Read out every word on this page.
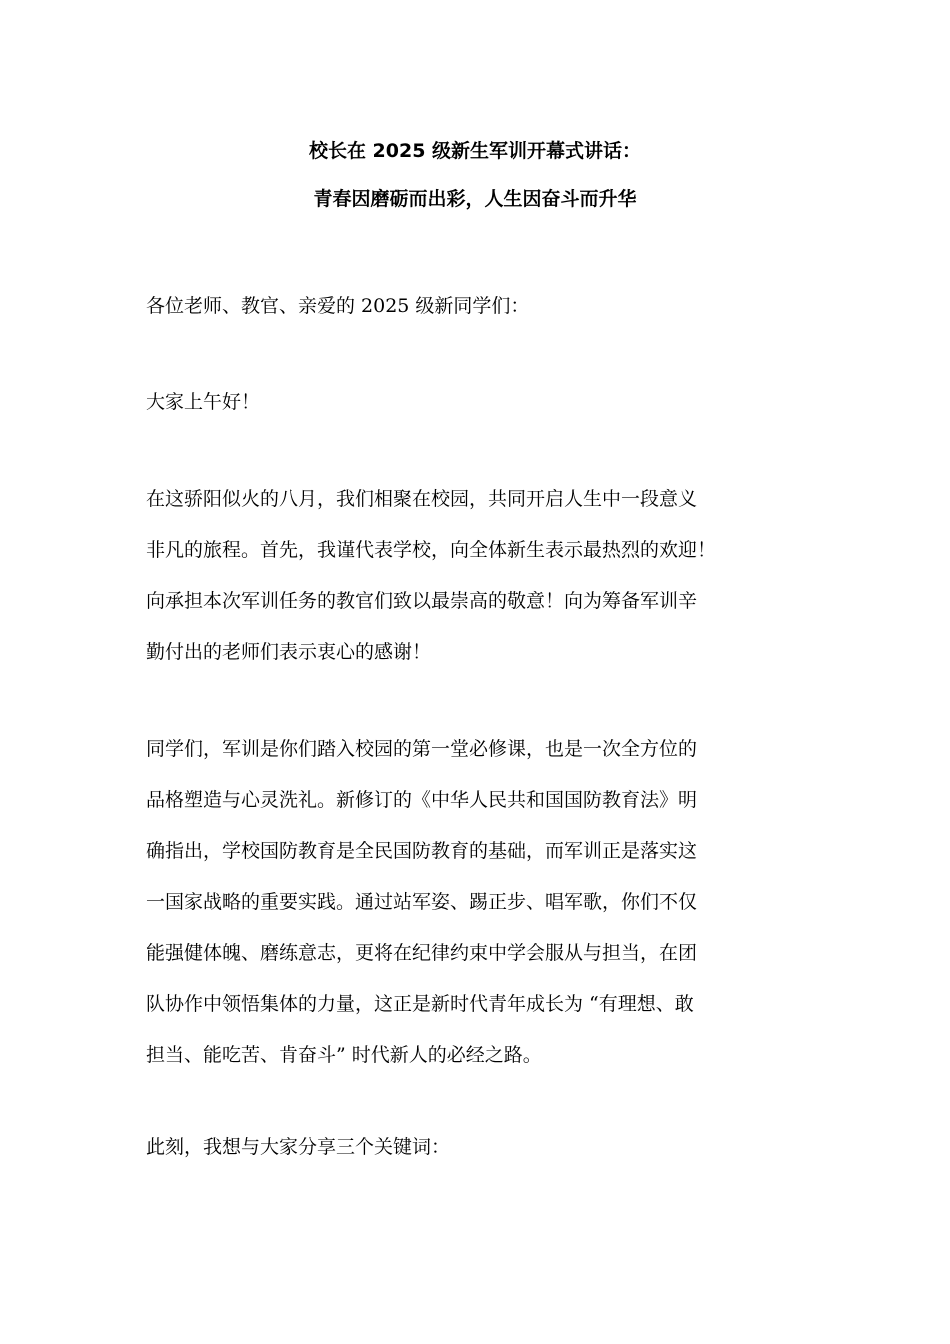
校长在 2025 级新生军训开幕式讲话：
青春因磨砺而出彩，人生因奋斗而升华

各位老师、教官、亲爱的 2025 级新同学们：

大家上午好！

在这骄阳似火的八月，我们相聚在校园，共同开启人生中一段意义
非凡的旅程。首先，我谨代表学校，向全体新生表示最热烈的欢迎！
向承担本次军训任务的教官们致以最崇高的敬意！向为筹备军训辛
勤付出的老师们表示衷心的感谢！

同学们，军训是你们踏入校园的第一堂必修课，也是一次全方位的
品格塑造与心灵洗礼。新修订的《中华人民共和国国防教育法》明
确指出，学校国防教育是全民国防教育的基础，而军训正是落实这
一国家战略的重要实践。通过站军姿、踢正步、唱军歌，你们不仅
能强健体魄、磨练意志，更将在纪律约束中学会服从与担当，在团
队协作中领悟集体的力量，这正是新时代青年成长为 “有理想、敢
担当、能吃苦、肯奋斗” 时代新人的必经之路。

此刻，我想与大家分享三个关键词：
